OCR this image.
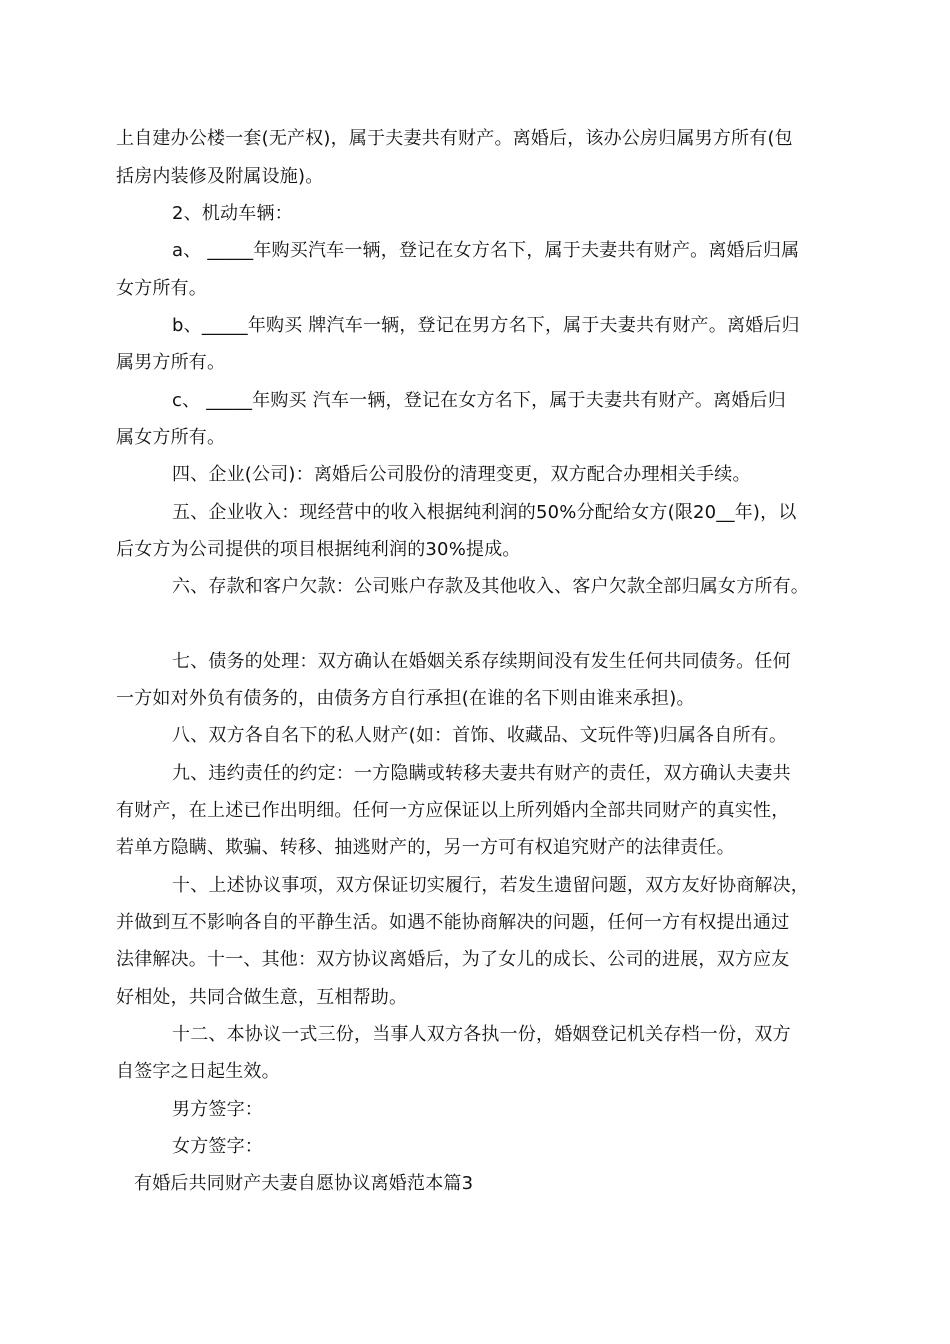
上自建办公楼一套(无产权)，属于夫妻共有财产。离婚后，该办公房归属男方所有(包
括房内装修及附属设施)。
2、机动车辆：
a、 _____年购买汽车一辆，登记在女方名下，属于夫妻共有财产。离婚后归属
女方所有。
b、_____年购买 牌汽车一辆，登记在男方名下，属于夫妻共有财产。离婚后归
属男方所有。
c、 _____年购买 汽车一辆，登记在女方名下，属于夫妻共有财产。离婚后归
属女方所有。
四、企业(公司)：离婚后公司股份的清理变更，双方配合办理相关手续。
五、企业收入：现经营中的收入根据纯利润的50%分配给女方(限20__年)，以
后女方为公司提供的项目根据纯利润的30%提成。
六、存款和客户欠款：公司账户存款及其他收入、客户欠款全部归属女方所有。
七、债务的处理：双方确认在婚姻关系存续期间没有发生任何共同债务。任何
一方如对外负有债务的，由债务方自行承担(在谁的名下则由谁来承担)。
八、双方各自名下的私人财产(如：首饰、收藏品、文玩件等)归属各自所有。
九、违约责任的约定：一方隐瞒或转移夫妻共有财产的责任，双方确认夫妻共
有财产，在上述已作出明细。任何一方应保证以上所列婚内全部共同财产的真实性，
若单方隐瞒、欺骗、转移、抽逃财产的，另一方可有权追究财产的法律责任。
十、上述协议事项，双方保证切实履行，若发生遗留问题，双方友好协商解决，
并做到互不影响各自的平静生活。如遇不能协商解决的问题，任何一方有权提出通过
法律解决。十一、其他：双方协议离婚后，为了女儿的成长、公司的进展，双方应友
好相处，共同合做生意，互相帮助。
十二、本协议一式三份，当事人双方各执一份，婚姻登记机关存档一份，双方
自签字之日起生效。
男方签字：
女方签字：
有婚后共同财产夫妻自愿协议离婚范本篇3
